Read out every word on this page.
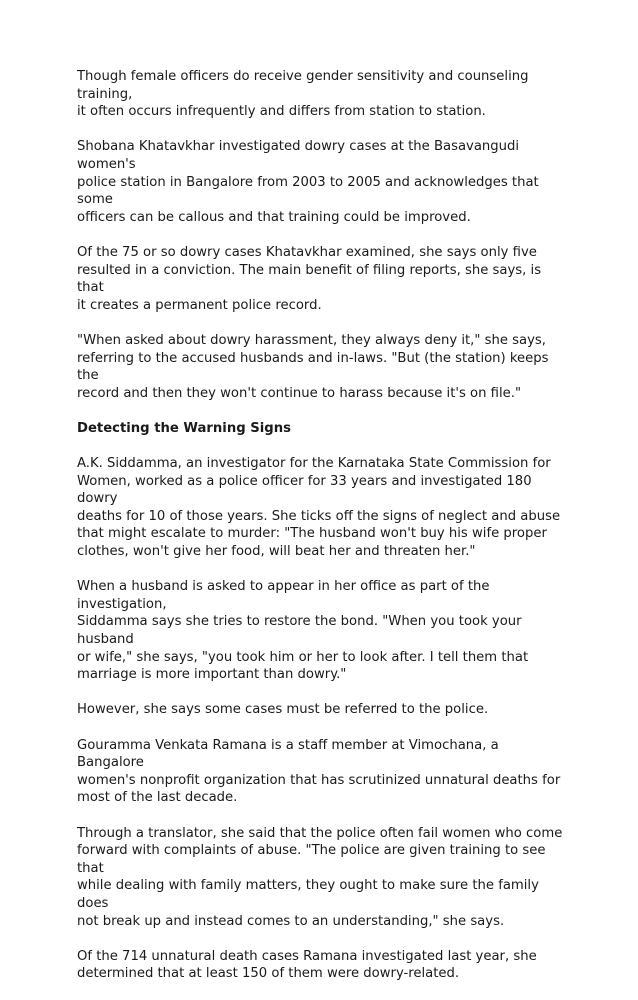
Though female officers do receive gender sensitivity and counseling training,
it often occurs infrequently and differs from station to station.

Shobana Khatavkhar investigated dowry cases at the Basavangudi women's
police station in Bangalore from 2003 to 2005 and acknowledges that some
officers can be callous and that training could be improved.

Of the 75 or so dowry cases Khatavkhar examined, she says only five
resulted in a conviction. The main benefit of filing reports, she says, is that
it creates a permanent police record.

"When asked about dowry harassment, they always deny it," she says,
referring to the accused husbands and in-laws. "But (the station) keeps the
record and then they won't continue to harass because it's on file."

Detecting the Warning Signs

A.K. Siddamma, an investigator for the Karnataka State Commission for
Women, worked as a police officer for 33 years and investigated 180 dowry
deaths for 10 of those years. She ticks off the signs of neglect and abuse
that might escalate to murder: "The husband won't buy his wife proper
clothes, won't give her food, will beat her and threaten her."

When a husband is asked to appear in her office as part of the investigation,
Siddamma says she tries to restore the bond. "When you took your husband
or wife," she says, "you took him or her to look after. I tell them that
marriage is more important than dowry."

However, she says some cases must be referred to the police.

Gouramma Venkata Ramana is a staff member at Vimochana, a Bangalore
women's nonprofit organization that has scrutinized unnatural deaths for
most of the last decade.

Through a translator, she said that the police often fail women who come
forward with complaints of abuse. "The police are given training to see that
while dealing with family matters, they ought to make sure the family does
not break up and instead comes to an understanding," she says.

Of the 714 unnatural death cases Ramana investigated last year, she
determined that at least 150 of them were dowry-related.
